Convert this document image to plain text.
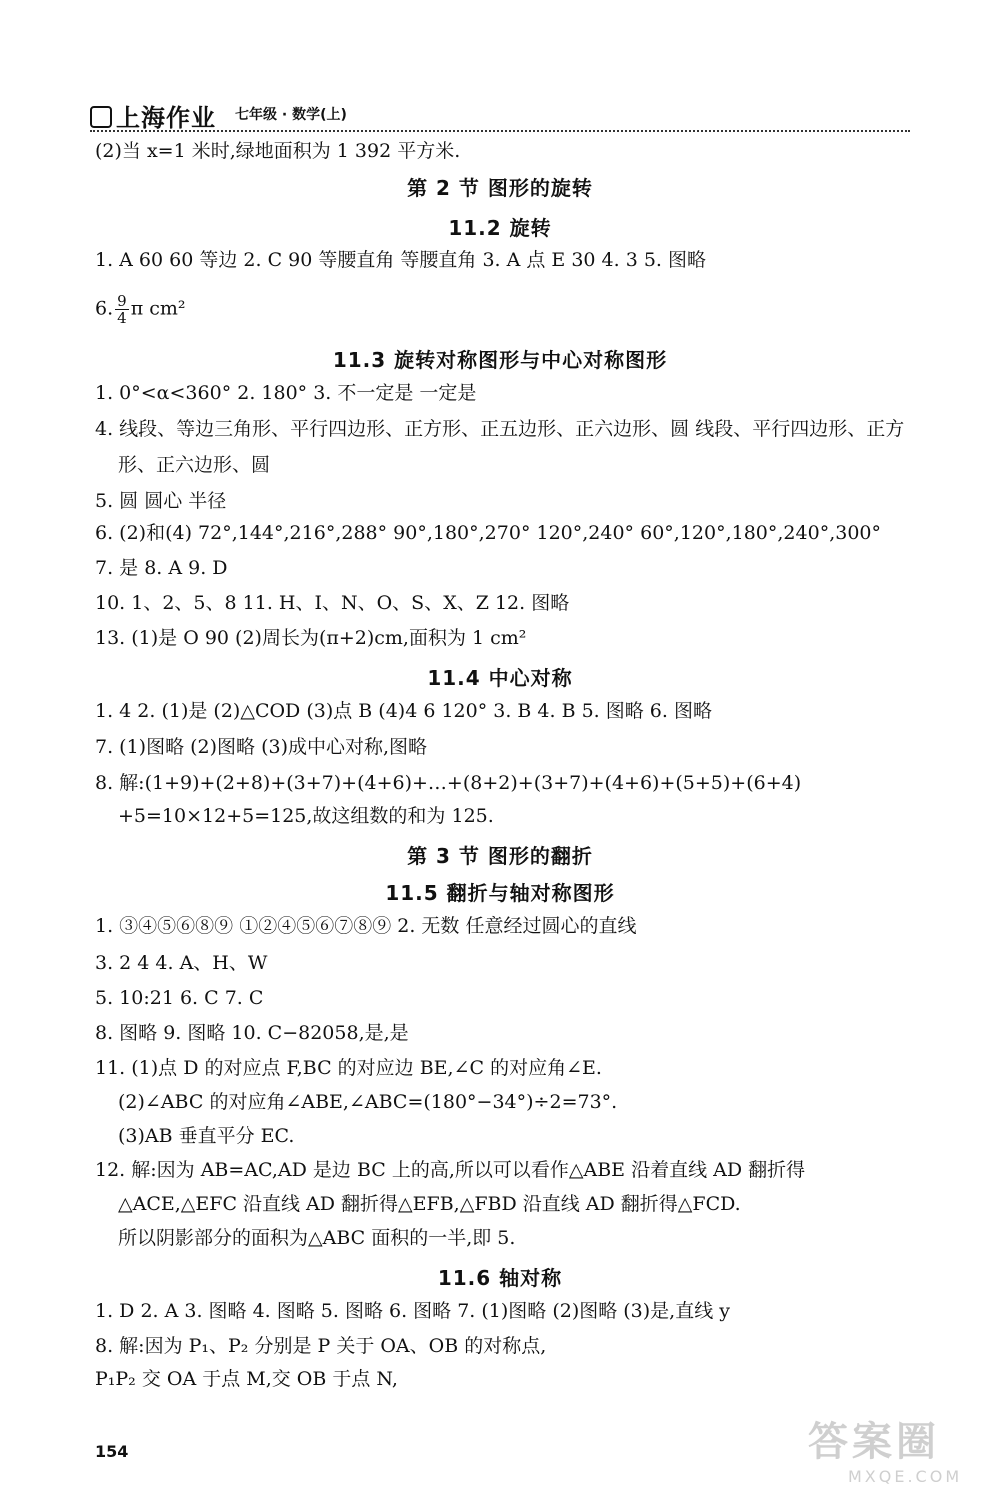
上海作业 七年级 · 数学(上)
(2)当 x=1 米时,绿地面积为 1 392 平方米.
第 2 节 图形的旋转
11.2 旋转
1. A 60 60 等边 2. C 90 等腰直角 等腰直角 3. A 点 E 30 4. 3 5. 图略
6. $\frac{9}{4}$ π cm²
11.3 旋转对称图形与中心对称图形
1. 0°<α<360° 2. 180° 3. 不一定是 一定是
4. 线段、等边三角形、平行四边形、正方形、正五边形、正六边形、圆 线段、平行四边形、正方
形、正六边形、圆
5. 圆 圆心 半径
6. (2)和(4) 72°,144°,216°,288° 90°,180°,270° 120°,240° 60°,120°,180°,240°,300°
7. 是 8. A 9. D
10. 1、2、5、8 11. H、I、N、O、S、X、Z 12. 图略
13. (1)是 O 90 (2)周长为(π+2)cm,面积为 1 cm²
11.4 中心对称
1. 4 2. (1)是 (2)△COD (3)点 B (4)4 6 120° 3. B 4. B 5. 图略 6. 图略
7. (1)图略 (2)图略 (3)成中心对称,图略
8. 解:(1+9)+(2+8)+(3+7)+(4+6)+…+(8+2)+(3+7)+(4+6)+(5+5)+(6+4)
+5=10×12+5=125,故这组数的和为 125.
第 3 节 图形的翻折
11.5 翻折与轴对称图形
1. ③④⑤⑥⑧⑨ ①②④⑤⑥⑦⑧⑨ 2. 无数 任意经过圆心的直线
3. 2 4 4. A、H、W
5. 10:21 6. C 7. C
8. 图略 9. 图略 10. C−82058,是,是
11. (1)点 D 的对应点 F,BC 的对应边 BE,∠C 的对应角∠E.
(2)∠ABC 的对应角∠ABE,∠ABC=(180°−34°)÷2=73°.
(3)AB 垂直平分 EC.
12. 解:因为 AB=AC,AD 是边 BC 上的高,所以可以看作△ABE 沿着直线 AD 翻折得
△ACE,△EFC 沿直线 AD 翻折得△EFB,△FBD 沿直线 AD 翻折得△FCD.
所以阴影部分的面积为△ABC 面积的一半,即 5.
11.6 轴对称
1. D 2. A 3. 图略 4. 图略 5. 图略 6. 图略 7. (1)图略 (2)图略 (3)是,直线 y
8. 解:因为 P₁、P₂ 分别是 P 关于 OA、OB 的对称点,
P₁P₂ 交 OA 于点 M,交 OB 于点 N,
154	答案圈
MXQE.COM
